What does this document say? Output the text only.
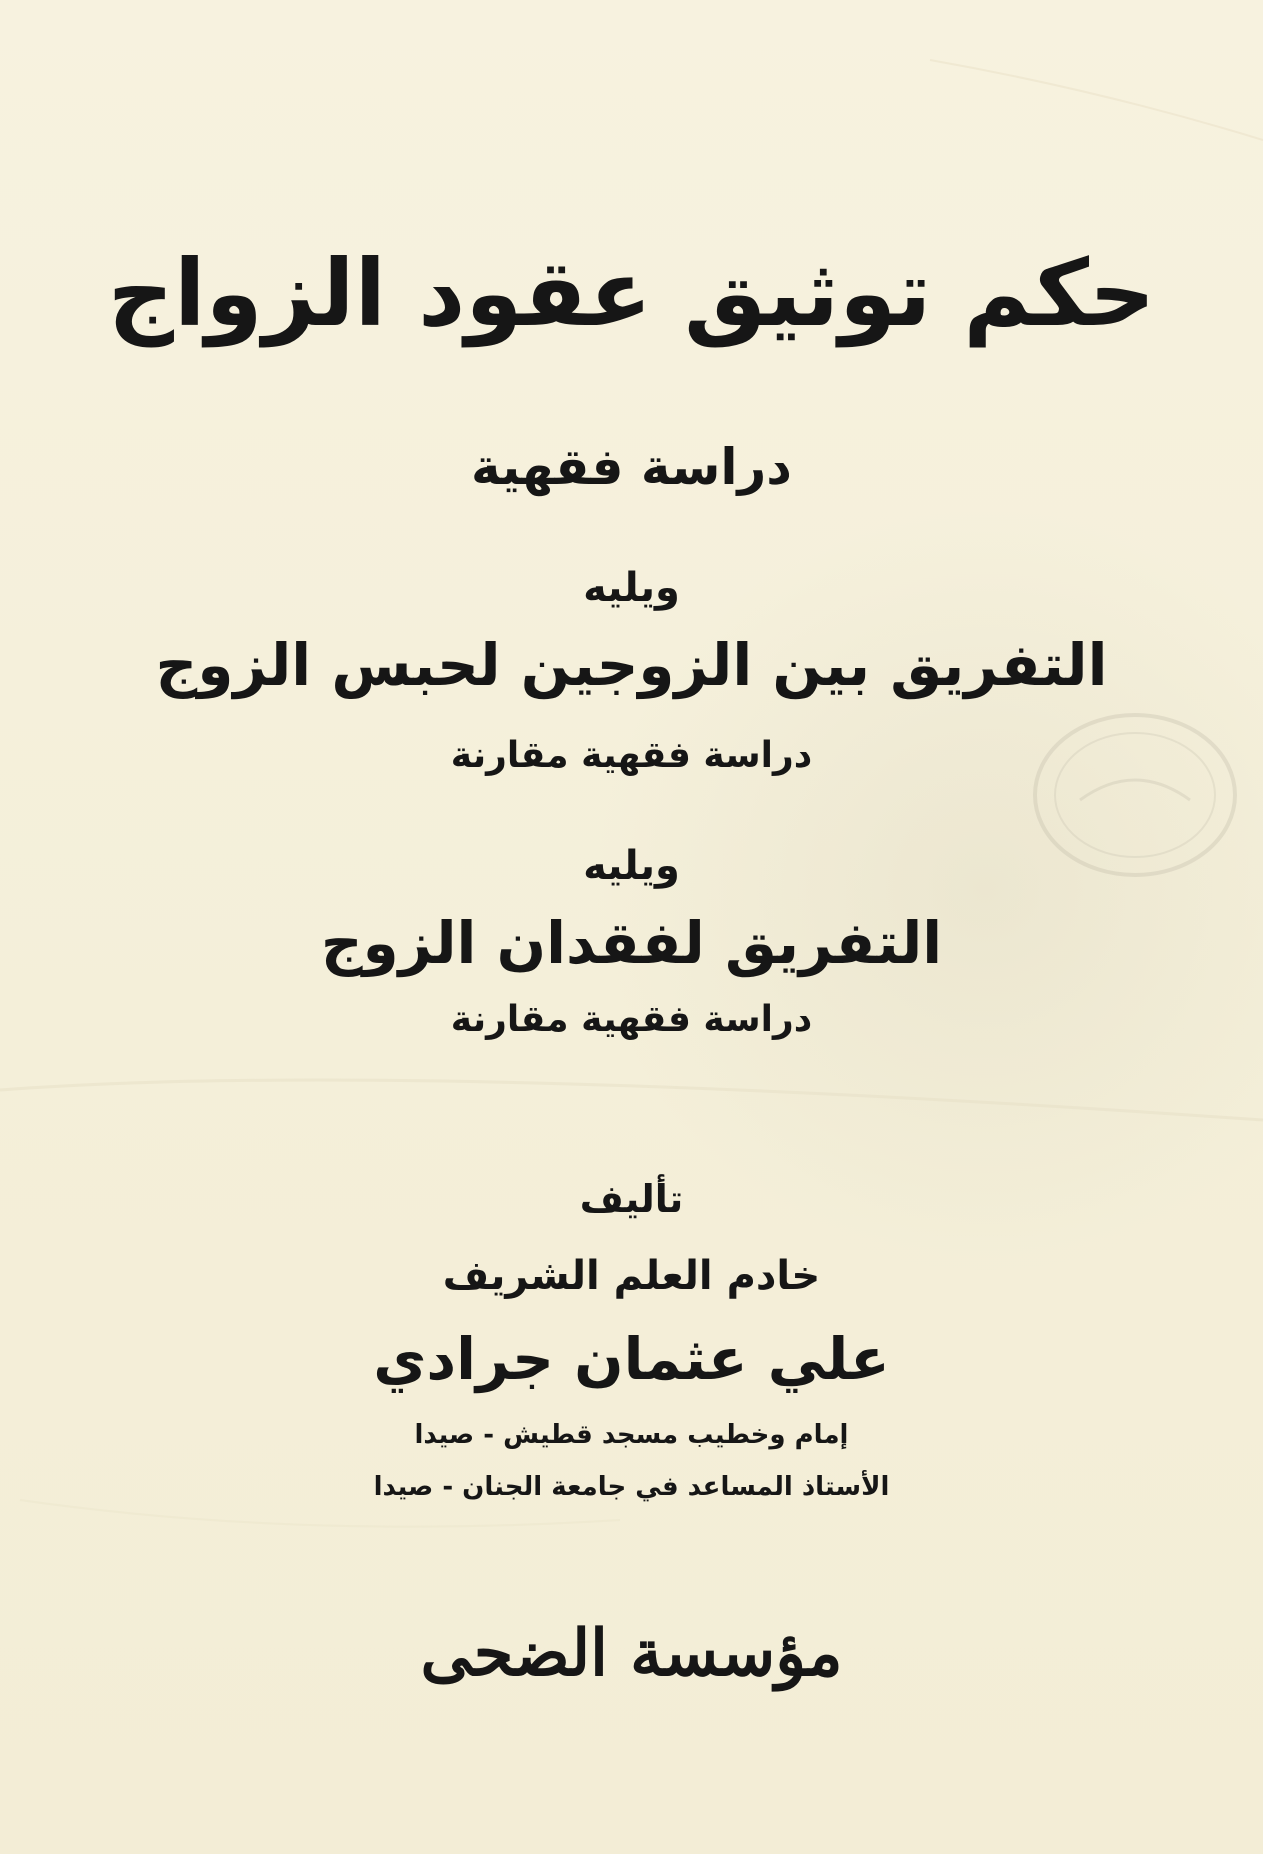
حكم توثيق عقود الزواج
دراسة فقهية
ويليه
التفريق بين الزوجين لحبس الزوج
دراسة فقهية مقارنة
ويليه
التفريق لفقدان الزوج
دراسة فقهية مقارنة
تأليف
خادم العلم الشريف
علي عثمان جرادي
إمام وخطيب مسجد قطيش - صيدا
الأستاذ المساعد في جامعة الجنان - صيدا
مؤسسة الضحى
